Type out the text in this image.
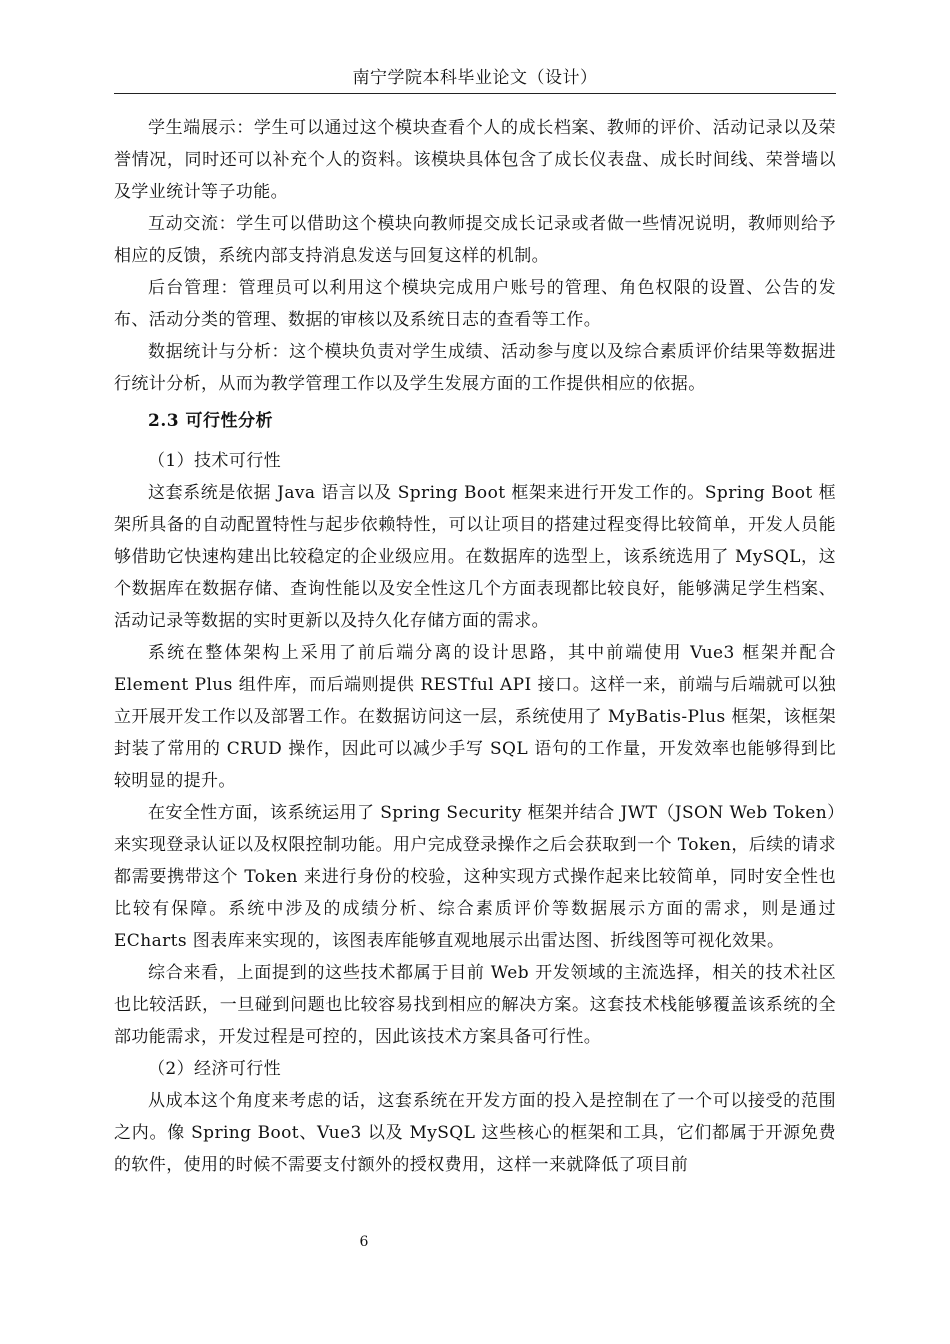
南宁学院本科毕业论文（设计）

学生端展示：学生可以通过这个模块查看个人的成长档案、教师的评价、活动记录以及荣誉情况，同时还可以补充个人的资料。该模块具体包含了成长仪表盘、成长时间线、荣誉墙以及学业统计等子功能。

互动交流：学生可以借助这个模块向教师提交成长记录或者做一些情况说明，教师则给予相应的反馈，系统内部支持消息发送与回复这样的机制。

后台管理：管理员可以利用这个模块完成用户账号的管理、角色权限的设置、公告的发布、活动分类的管理、数据的审核以及系统日志的查看等工作。

数据统计与分析：这个模块负责对学生成绩、活动参与度以及综合素质评价结果等数据进行统计分析，从而为教学管理工作以及学生发展方面的工作提供相应的依据。

2.3 可行性分析

（1）技术可行性

这套系统是依据 Java 语言以及 Spring Boot 框架来进行开发工作的。Spring Boot 框架所具备的自动配置特性与起步依赖特性，可以让项目的搭建过程变得比较简单，开发人员能够借助它快速构建出比较稳定的企业级应用。在数据库的选型上，该系统选用了 MySQL，这个数据库在数据存储、查询性能以及安全性这几个方面表现都比较良好，能够满足学生档案、活动记录等数据的实时更新以及持久化存储方面的需求。

系统在整体架构上采用了前后端分离的设计思路，其中前端使用 Vue3 框架并配合 Element Plus 组件库，而后端则提供 RESTful API 接口。这样一来，前端与后端就可以独立开展开发工作以及部署工作。在数据访问这一层，系统使用了 MyBatis-Plus 框架，该框架封装了常用的 CRUD 操作，因此可以减少手写 SQL 语句的工作量，开发效率也能够得到比较明显的提升。

在安全性方面，该系统运用了 Spring Security 框架并结合 JWT（JSON Web Token）来实现登录认证以及权限控制功能。用户完成登录操作之后会获取到一个 Token，后续的请求都需要携带这个 Token 来进行身份的校验，这种实现方式操作起来比较简单，同时安全性也比较有保障。系统中涉及的成绩分析、综合素质评价等数据展示方面的需求，则是通过 ECharts 图表库来实现的，该图表库能够直观地展示出雷达图、折线图等可视化效果。

综合来看，上面提到的这些技术都属于目前 Web 开发领域的主流选择，相关的技术社区也比较活跃，一旦碰到问题也比较容易找到相应的解决方案。这套技术栈能够覆盖该系统的全部功能需求，开发过程是可控的，因此该技术方案具备可行性。

（2）经济可行性

从成本这个角度来考虑的话，这套系统在开发方面的投入是控制在了一个可以接受的范围之内。像 Spring Boot、Vue3 以及 MySQL 这些核心的框架和工具，它们都属于开源免费的软件，使用的时候不需要支付额外的授权费用，这样一来就降低了项目前

6
